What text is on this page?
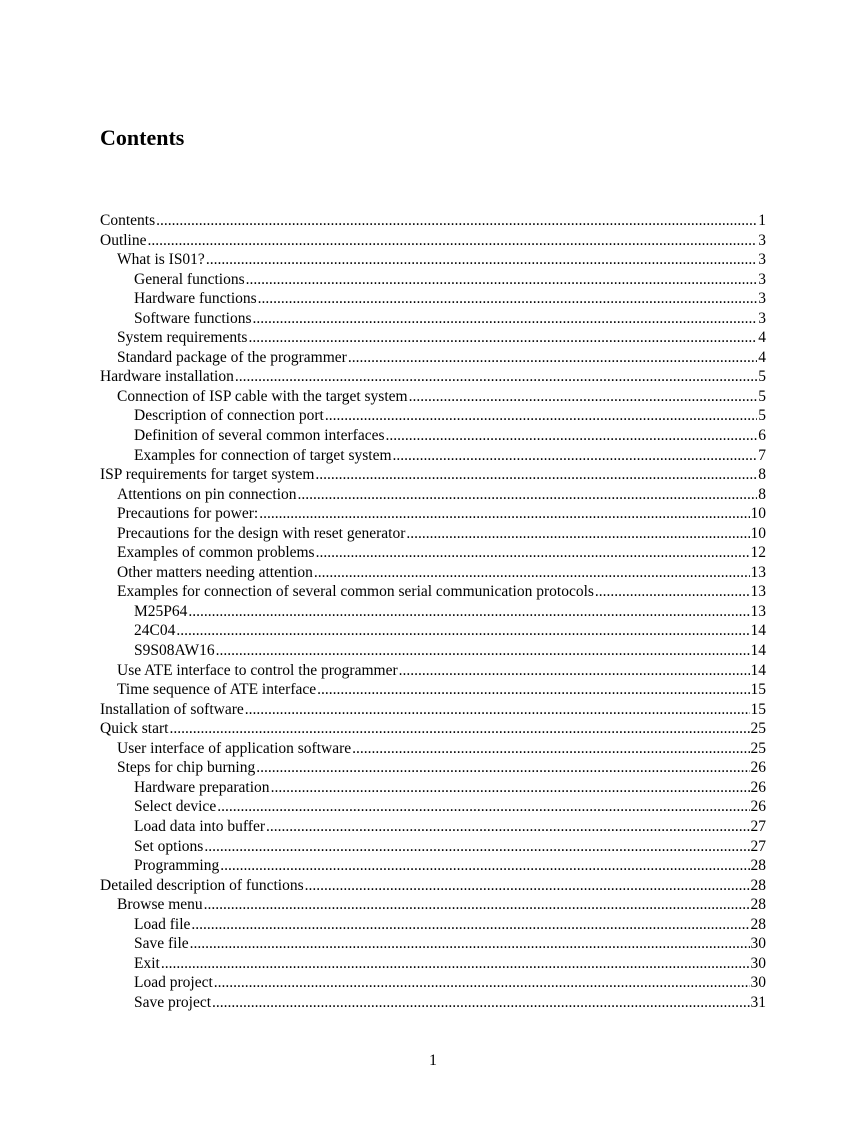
Contents
Contents .....	1
Outline .....	3
What is IS01? .....	3
General functions .....	3
Hardware functions .....	3
Software functions .....	3
System requirements .....	4
Standard package of the programmer .....	4
Hardware installation .....	5
Connection of ISP cable with the target system .....	5
Description of connection port .....	5
Definition of several common interfaces .....	6
Examples for connection of target system .....	7
ISP requirements for target system .....	8
Attentions on pin connection .....	8
Precautions for power: .....	10
Precautions for the design with reset generator .....	10
Examples of common problems .....	12
Other matters needing attention .....	13
Examples for connection of several common serial communication protocols .....	13
M25P64 .....	13
24C04 .....	14
S9S08AW16 .....	14
Use ATE interface to control the programmer .....	14
Time sequence of ATE interface .....	15
Installation of software .....	15
Quick start .....	25
User interface of application software .....	25
Steps for chip burning .....	26
Hardware preparation .....	26
Select device .....	26
Load data into buffer .....	27
Set options .....	27
Programming .....	28
Detailed description of functions .....	28
Browse menu .....	28
Load file .....	28
Save file .....	30
Exit .....	30
Load project .....	30
Save project .....	31
1
